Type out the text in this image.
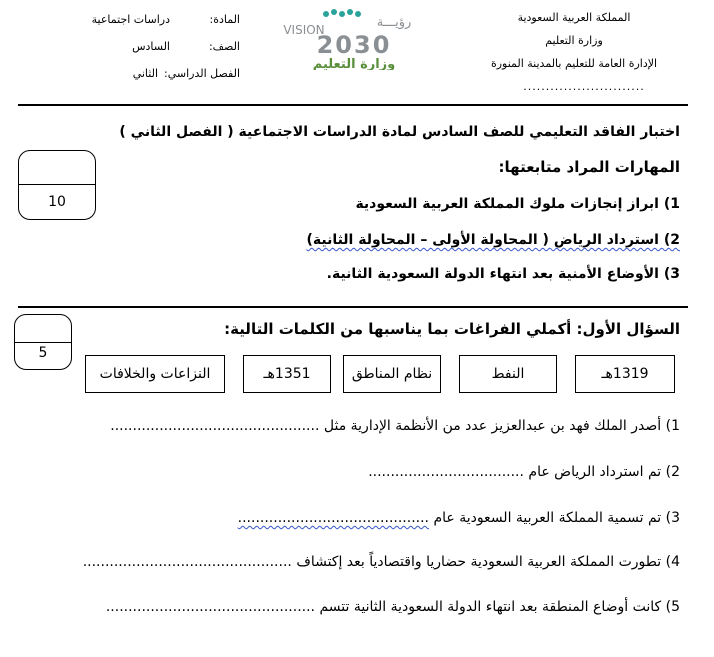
المملكة العربية السعودية
وزارة التعليم
الإدارة العامة للتعليم بالمدينة المنورة
...........................
رؤيـــة
VISION
2030
وزارة التعليم
المادة:
دراسات اجتماعية
الصف:
السادس
الفصل الدراسي:
الثاني
اختبار الفاقد التعليمي للصف السادس لمادة الدراسات الاجتماعية ( الفصل الثاني )
10
المهارات المراد متابعتها:
1) ابراز إنجازات ملوك المملكة العربية السعودية
2) استرداد الرياض ( المحاولة الأولى – المحاولة الثانية)
3) الأوضاع الأمنية بعد انتهاء الدولة السعودية الثانية.
5
السؤال الأول: أكملي الفراغات بما يناسبها من الكلمات التالية:
1319هـ
النفط
نظام المناطق
1351هـ
النزاعات والخلافات
1) أصدر الملك فهد بن عبدالعزيز عدد من الأنظمة الإدارية مثل ...............................................
2) تم استرداد الرياض عام ...................................
3) تم تسمية المملكة العربية السعودية عام ...........................................
4) تطورت المملكة العربية السعودية حضاريا واقتصادياً بعد إكتشاف ...............................................
5) كانت أوضاع المنطقة بعد انتهاء الدولة السعودية الثانية تتسم ...............................................
